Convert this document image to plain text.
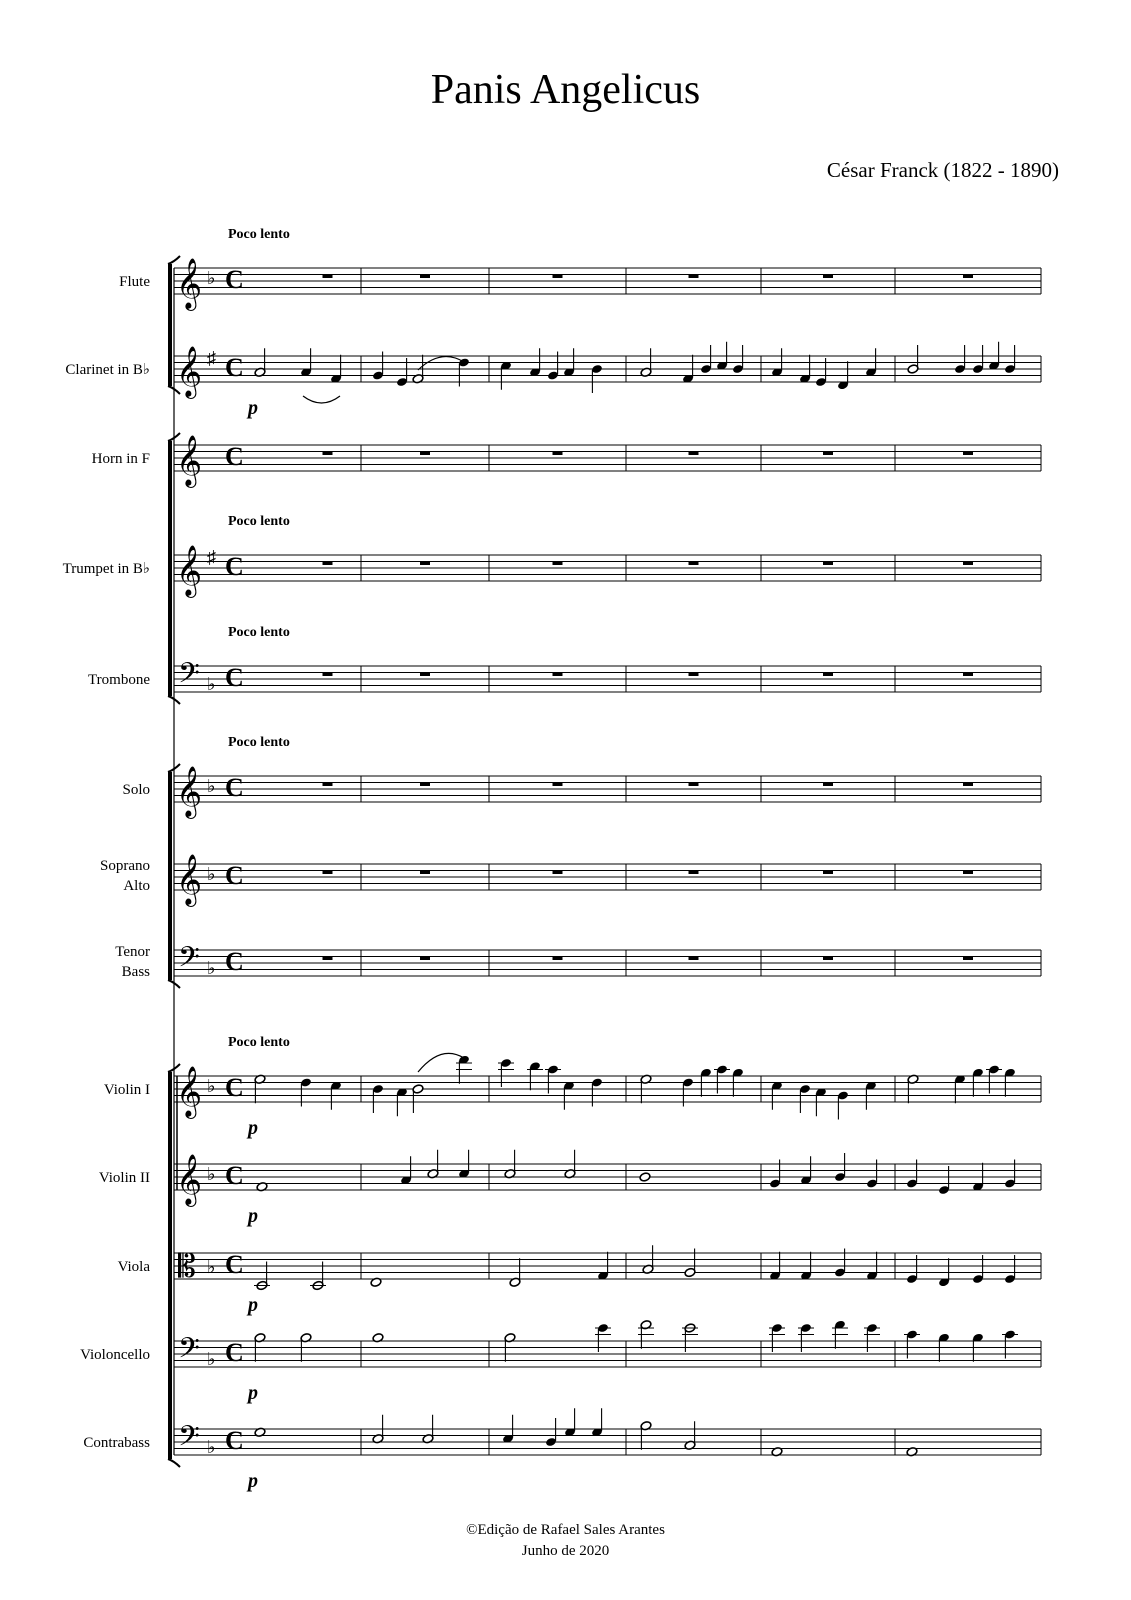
Panis Angelicus
César Franck (1822 - 1890)
Flute 𝄞 ♭ C
Poco lento
Clarinet in B♭ 𝄞 ♯ C
p
Horn in F 𝄞 C
Trumpet in B♭ 𝄞 ♯ C
Poco lento
Trombone 𝄢 ♭ C
Poco lento
Solo 𝄞 ♭ C
Poco lento
Soprano
Alto 𝄞 ♭ C
Tenor
Bass 𝄢 ♭ C
Violin I 𝄞 ♭ C
Poco lento
p
Violin II 𝄞 ♭ C
p
Viola 𝄡 ♭ C
p
Violoncello 𝄢 ♭ C
p
Contrabass 𝄢 ♭ C
p
©Edição de Rafael Sales Arantes
Junho de 2020
